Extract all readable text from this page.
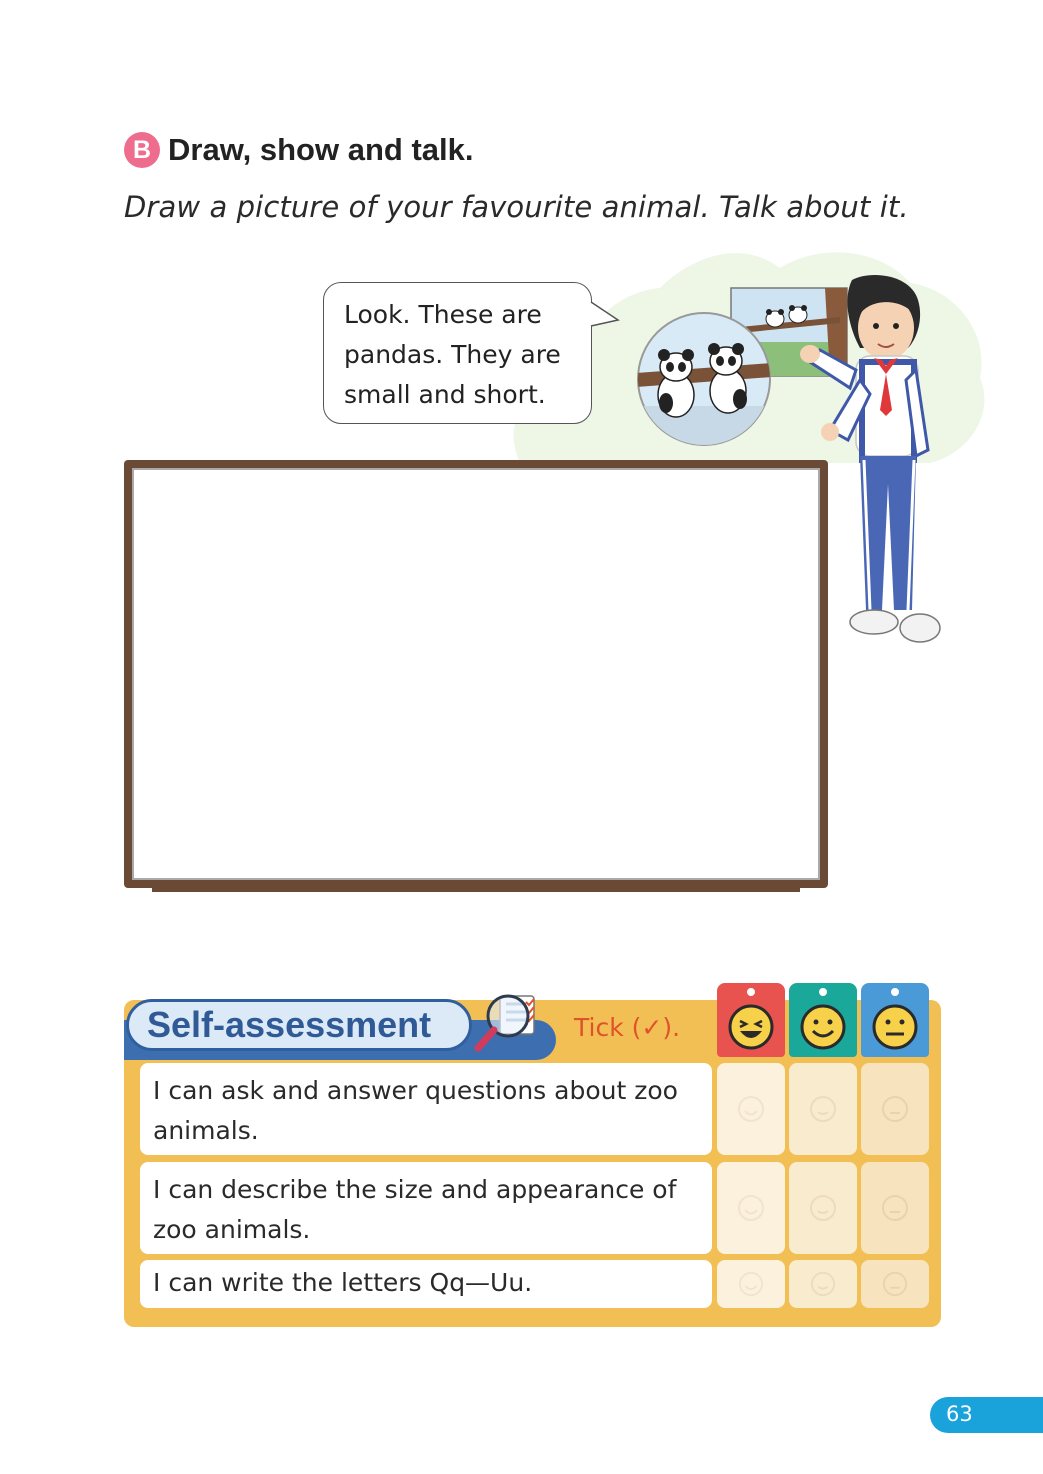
B Draw, show and talk.
Draw a picture of your favourite animal. Talk about it.
Look. These are
pandas. They are
small and short.
Self-assessment	Tick (✓).
I can ask and answer questions about zoo animals.
I can describe the size and appearance of zoo animals.
I can write the letters Qq—Uu.
63
